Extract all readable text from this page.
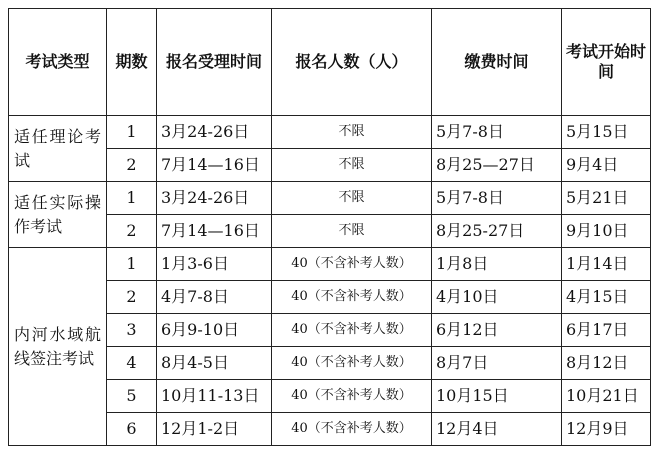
考试类型	期数	报名受理时间	报名人数（人）	缴费时间	考试开始时间
适任理论考试	1	3月24-26日	不限	5月7-8日	5月15日
	2	7月14—16日	不限	8月25—27日	9月4日
适任实际操作考试	1	3月24-26日	不限	5月7-8日	5月21日
	2	7月14—16日	不限	8月25-27日	9月10日
内河水域航线签注考试	1	1月3-6日	40（不含补考人数）	1月8日	1月14日
	2	4月7-8日	40（不含补考人数）	4月10日	4月15日
	3	6月9-10日	40（不含补考人数）	6月12日	6月17日
	4	8月4-5日	40（不含补考人数）	8月7日	8月12日
	5	10月11-13日	40（不含补考人数）	10月15日	10月21日
	6	12月1-2日	40（不含补考人数）	12月4日	12月9日
